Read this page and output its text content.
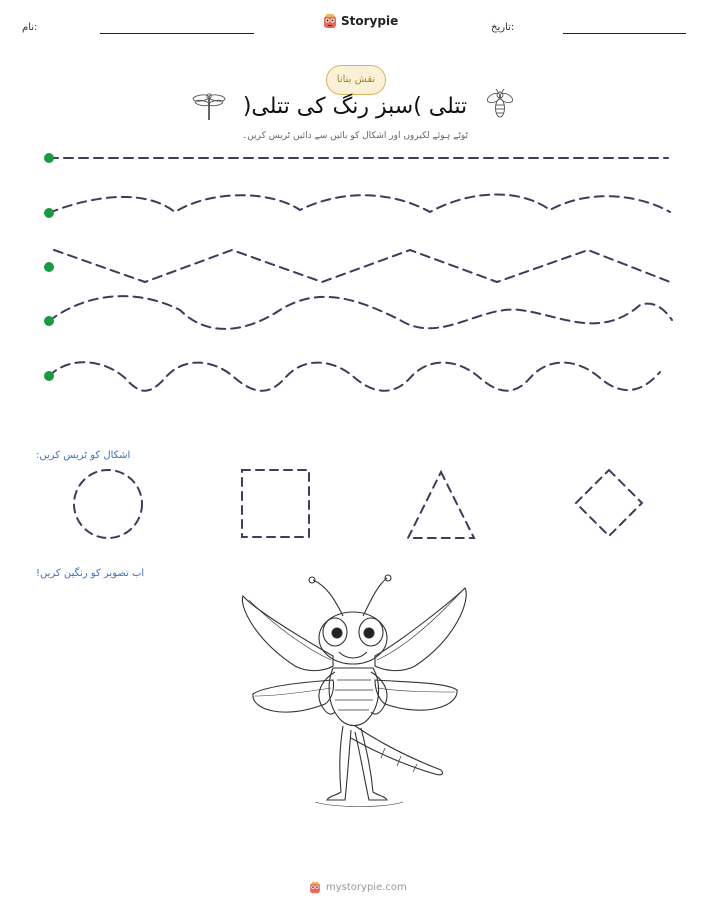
نام:	Storypie	تاریخ:
نقش بنانا
تتلی )سبز رنگ کی تتلی(
ٹوٹے ہوئے لکیروں اور اشکال کو بائیں سے دائیں ٹریس کریں۔
اشکال کو ٹریس کریں:
اب تصویر کو رنگین کریں!
mystorypie.com
